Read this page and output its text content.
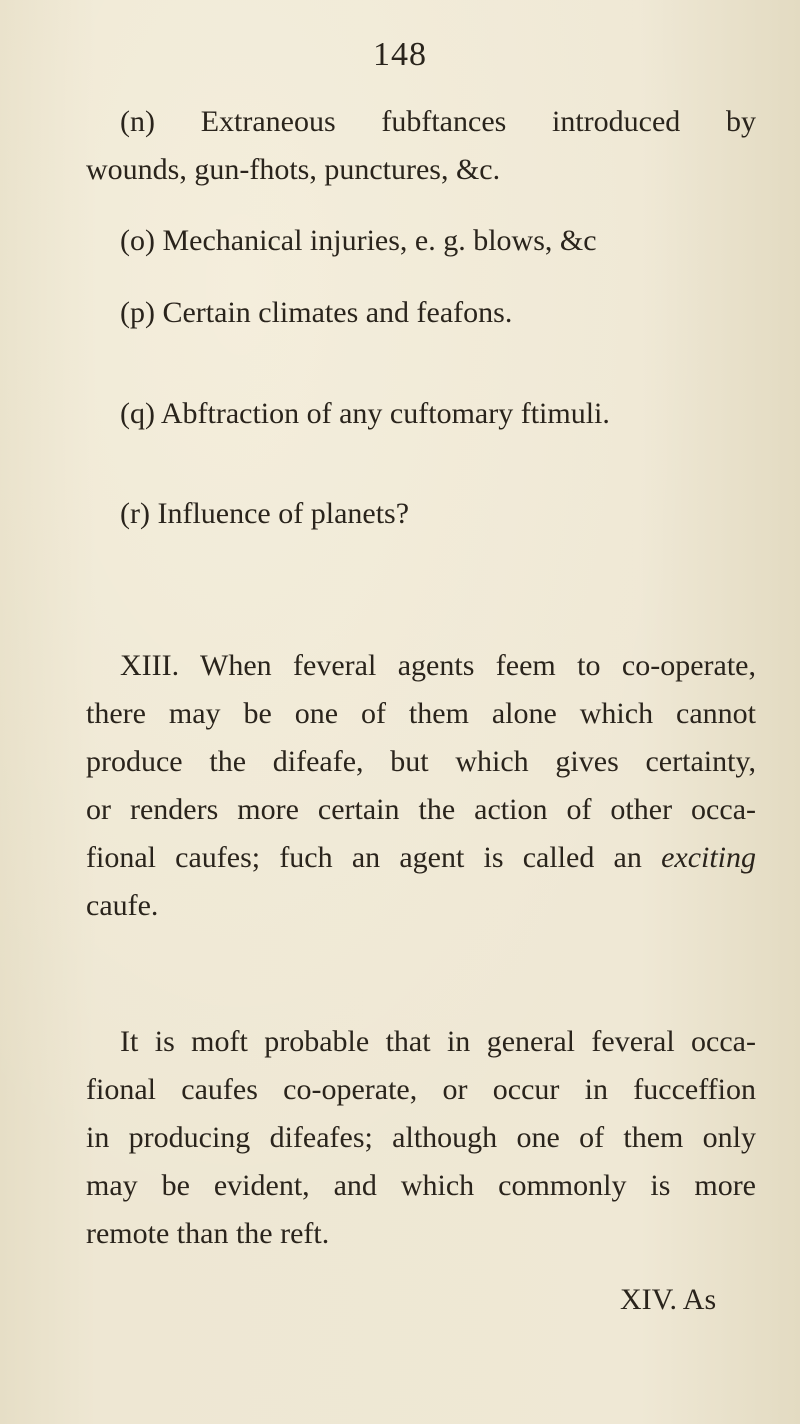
148
(n) Extraneous fubftances introduced by
wounds, gun-fhots, punctures, &c.
(o) Mechanical injuries, e. g. blows, &c
(p) Certain climates and feafons.
(q) Abftraction of any cuftomary ftimuli.
(r) Influence of planets?
XIII. When feveral agents feem to co-operate,
there may be one of them alone which cannot
produce the difeafe, but which gives certainty,
or renders more certain the action of other occa-
fional caufes; fuch an agent is called an exciting
caufe.
It is moft probable that in general feveral occa-
fional caufes co-operate, or occur in fucceffion
in producing difeafes; although one of them only
may be evident, and which commonly is more
remote than the reft.
XIV. As
